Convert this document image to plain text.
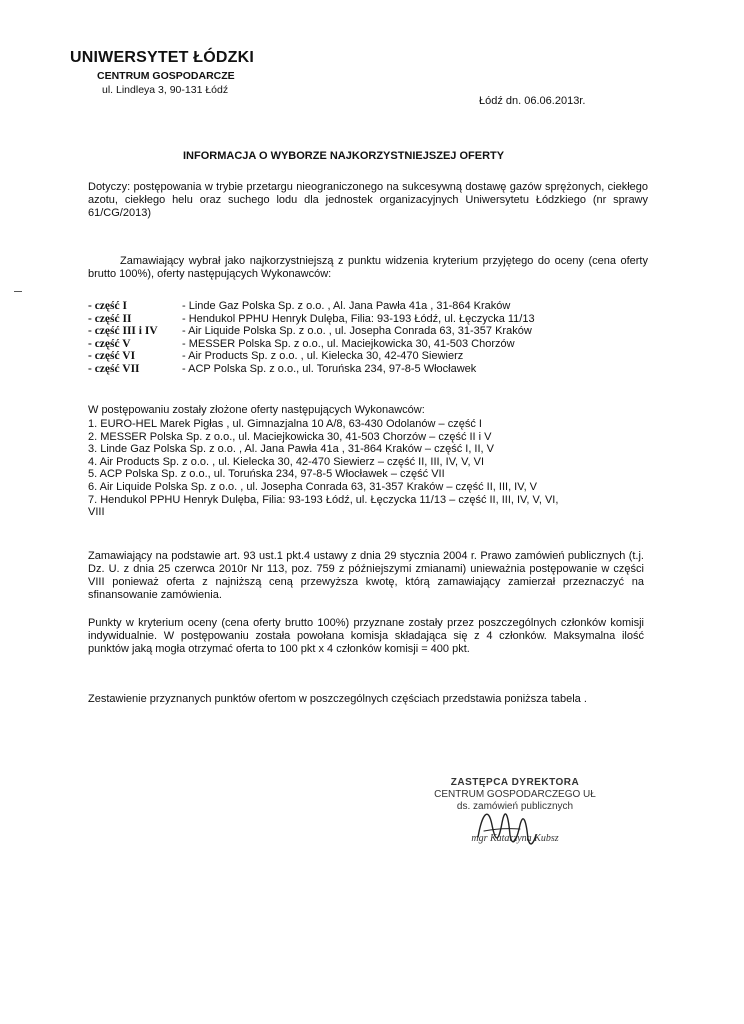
UNIWERSYTET ŁÓDZKI
CENTRUM GOSPODARCZE
ul. Lindleya 3, 90-131 Łódź
Łódź dn. 06.06.2013r.
INFORMACJA O WYBORZE NAJKORZYSTNIEJSZEJ OFERTY
Dotyczy: postępowania w trybie przetargu nieograniczonego na sukcesywną dostawę gazów sprężonych, ciekłego azotu, ciekłego helu oraz suchego lodu dla jednostek organizacyjnych Uniwersytetu Łódzkiego (nr sprawy 61/CG/2013)
Zamawiający wybrał jako najkorzystniejszą z punktu widzenia kryterium przyjętego do oceny (cena oferty brutto 100%), oferty następujących Wykonawców:
- część I	- Linde Gaz Polska Sp. z o.o. , Al. Jana Pawła 41a , 31-864 Kraków
- część II	- Hendukol PPHU Henryk Dulęba, Filia: 93-193 Łódź, ul. Łęczycka 11/13
- część III i IV	- Air Liquide Polska Sp. z o.o. , ul. Josepha Conrada 63, 31-357 Kraków
- część V	- MESSER Polska Sp. z o.o., ul. Maciejkowicka 30, 41-503 Chorzów
- część VI	- Air Products Sp. z o.o. , ul. Kielecka 30, 42-470 Siewierz
- część VII	- ACP Polska Sp. z o.o., ul. Toruńska 234, 97-8-5 Włocławek
W postępowaniu zostały złożone oferty następujących Wykonawców:
1. EURO-HEL Marek Pigłas , ul. Gimnazjalna 10 A/8, 63-430 Odolanów – część I
2. MESSER Polska Sp. z o.o., ul. Maciejkowicka 30, 41-503 Chorzów – część II i V
3. Linde Gaz Polska Sp. z o.o. , Al. Jana Pawła 41a , 31-864 Kraków – część I, II, V
4. Air Products Sp. z o.o. , ul. Kielecka 30, 42-470 Siewierz – część II, III, IV, V, VI
5. ACP Polska Sp. z o.o., ul. Toruńska 234, 97-8-5 Włocławek – część VII
6. Air Liquide Polska Sp. z o.o. , ul. Josepha Conrada 63, 31-357 Kraków – część II, III, IV, V
7. Hendukol PPHU Henryk Dulęba, Filia: 93-193 Łódź, ul. Łęczycka 11/13 – część II, III, IV, V, VI,
VIII
Zamawiający na podstawie art. 93 ust.1 pkt.4 ustawy z dnia 29 stycznia 2004 r. Prawo zamówień publicznych (t.j. Dz. U. z dnia 25 czerwca 2010r Nr 113, poz. 759 z późniejszymi zmianami) unieważnia postępowanie w części VIII ponieważ oferta z najniższą ceną przewyższa kwotę, którą zamawiający zamierzał przeznaczyć na sfinansowanie zamówienia.
Punkty w kryterium oceny (cena oferty brutto 100%) przyznane zostały przez poszczególnych członków komisji indywidualnie. W postępowaniu została powołana komisja składająca się z 4 członków. Maksymalna ilość punktów jaką mogła otrzymać oferta to 100 pkt x 4 członków komisji = 400 pkt.
Zestawienie przyznanych punktów ofertom w poszczególnych częściach przedstawia poniższa tabela .
ZASTĘPCA DYREKTORA
CENTRUM GOSPODARCZEGO UŁ
ds. zamówień publicznych
mgr Katarzyna Kubsz
